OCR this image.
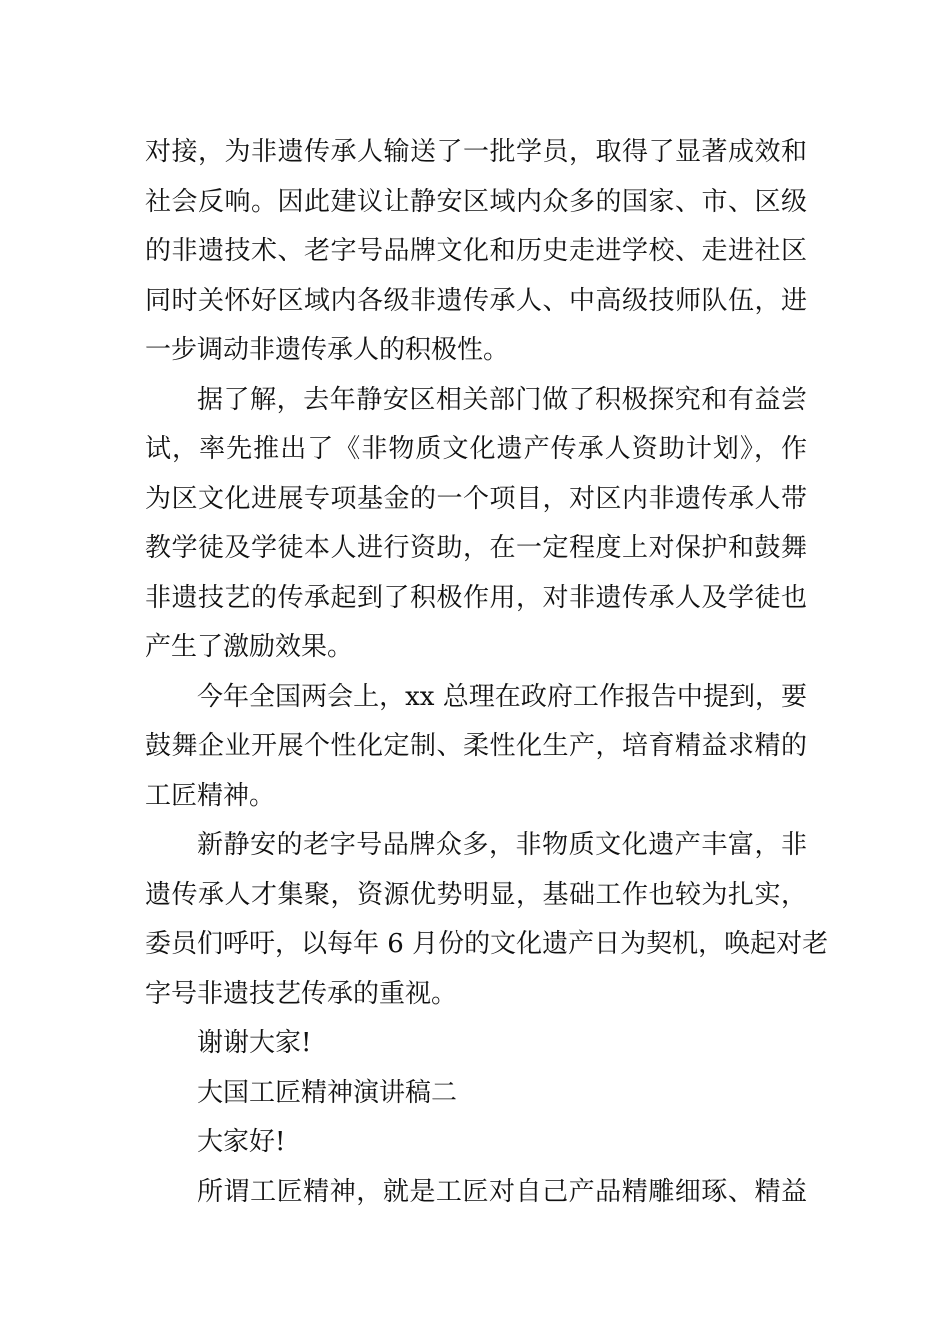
对接，为非遗传承人输送了一批学员，取得了显著成效和
社会反响。因此建议让静安区域内众多的国家、市、区级
的非遗技术、老字号品牌文化和历史走进学校、走进社区
同时关怀好区域内各级非遗传承人、中高级技师队伍，进
一步调动非遗传承人的积极性。
据了解，去年静安区相关部门做了积极探究和有益尝
试，率先推出了《非物质文化遗产传承人资助计划》，作
为区文化进展专项基金的一个项目，对区内非遗传承人带
教学徒及学徒本人进行资助，在一定程度上对保护和鼓舞
非遗技艺的传承起到了积极作用，对非遗传承人及学徒也
产生了激励效果。
今年全国两会上，xx 总理在政府工作报告中提到，要
鼓舞企业开展个性化定制、柔性化生产，培育精益求精的
工匠精神。
新静安的老字号品牌众多，非物质文化遗产丰富，非
遗传承人才集聚，资源优势明显，基础工作也较为扎实，
委员们呼吁，以每年 6 月份的文化遗产日为契机，唤起对老
字号非遗技艺传承的重视。
谢谢大家!
大国工匠精神演讲稿二
大家好!
所谓工匠精神，就是工匠对自己产品精雕细琢、精益
